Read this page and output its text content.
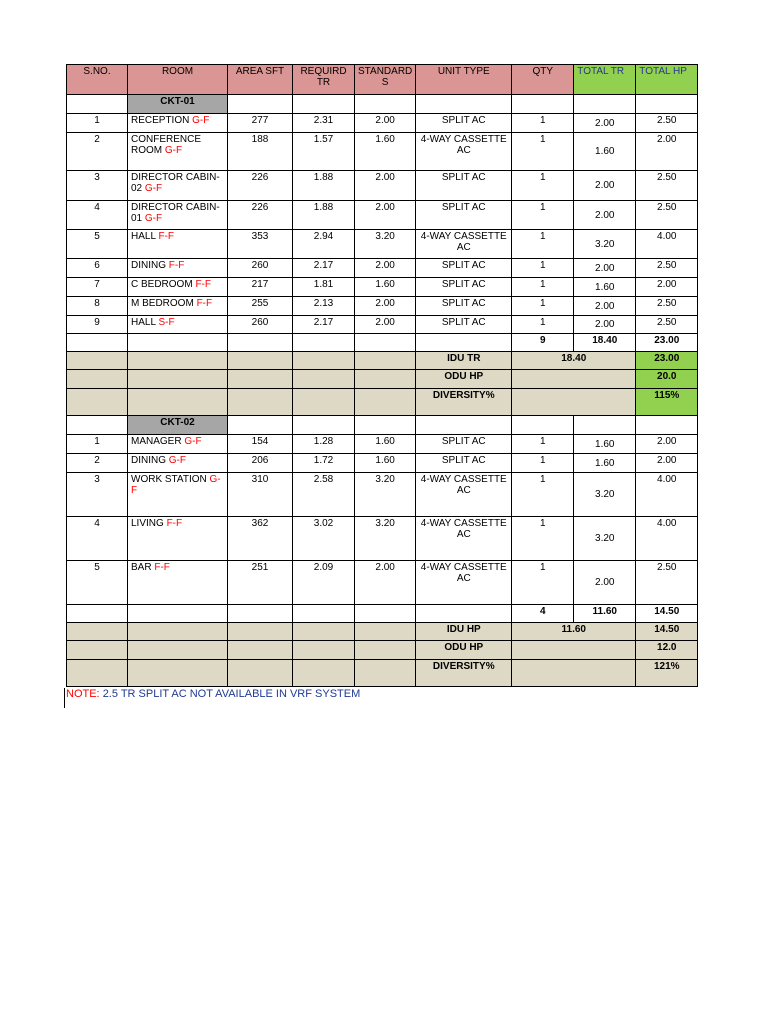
S.NO.	ROOM	AREA SFT	REQUIRD TR	STANDARD S	UNIT TYPE	QTY	TOTAL TR	TOTAL HP
	CKT-01							
1	RECEPTION G-F	277	2.31	2.00	SPLIT AC	1	2.00	2.50
2	CONFERENCE ROOM G-F	188	1.57	1.60	4-WAY CASSETTE AC	1	1.60	2.00
3	DIRECTOR CABIN-02 G-F	226	1.88	2.00	SPLIT AC	1	2.00	2.50
4	DIRECTOR CABIN-01 G-F	226	1.88	2.00	SPLIT AC	1	2.00	2.50
5	HALL F-F	353	2.94	3.20	4-WAY CASSETTE AC	1	3.20	4.00
6	DINING F-F	260	2.17	2.00	SPLIT AC	1	2.00	2.50
7	C BEDROOM F-F	217	1.81	1.60	SPLIT AC	1	1.60	2.00
8	M BEDROOM F-F	255	2.13	2.00	SPLIT AC	1	2.00	2.50
9	HALL S-F	260	2.17	2.00	SPLIT AC	1	2.00	2.50
						9	18.40	23.00
					IDU TR	18.40		23.00
					ODU HP			20.0
					DIVERSITY%			115%
	CKT-02							
1	MANAGER G-F	154	1.28	1.60	SPLIT AC	1	1.60	2.00
2	DINING G-F	206	1.72	1.60	SPLIT AC	1	1.60	2.00
3	WORK STATION G-F	310	2.58	3.20	4-WAY CASSETTE AC	1	3.20	4.00
4	LIVING F-F	362	3.02	3.20	4-WAY CASSETTE AC	1	3.20	4.00
5	BAR F-F	251	2.09	2.00	4-WAY CASSETTE AC	1	2.00	2.50
						4	11.60	14.50
					IDU HP	11.60		14.50
					ODU HP			12.0
					DIVERSITY%			121%
NOTE: 2.5 TR SPLIT AC NOT AVAILABLE IN VRF SYSTEM
